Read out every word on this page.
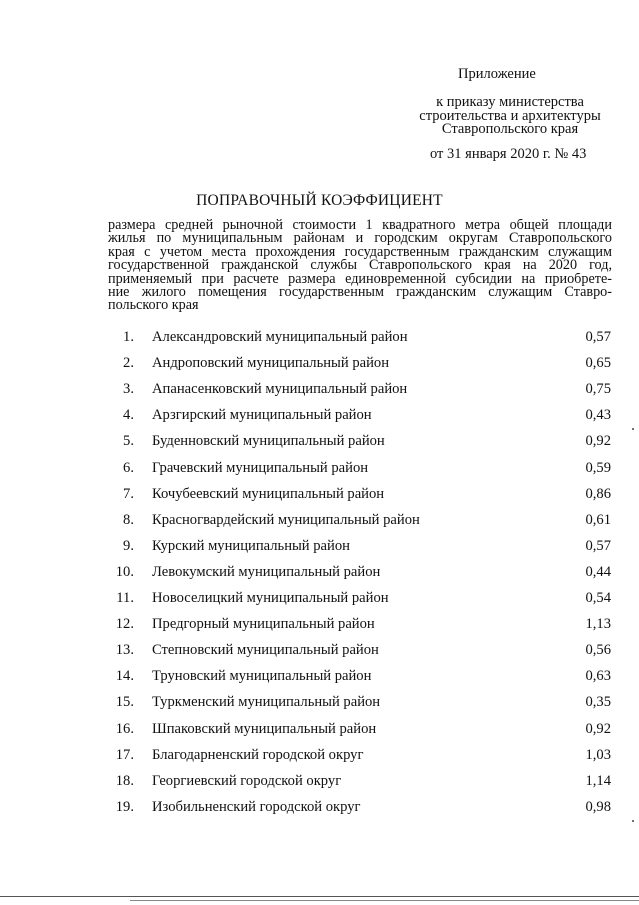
Приложение
к приказу министерства
строительства и архитектуры
Ставропольского края
от 31 января 2020 г. № 43
ПОПРАВОЧНЫЙ КОЭФФИЦИЕНТ
размера средней рыночной стоимости 1 квадратного метра общей площади
жилья по муниципальным районам и городским округам Ставропольского
края с учетом места прохождения государственным гражданским служащим
государственной гражданской службы Ставропольского края на 2020 год,
применяемый при расчете размера единовременной субсидии на приобрете-
ние жилого помещения государственным гражданским служащим Ставро-
польского края
1. Александровский муниципальный район	0,57
2. Андроповский муниципальный район	0,65
3. Апанасенковский муниципальный район	0,75
4. Арзгирский муниципальный район	0,43
5. Буденновский муниципальный район	0,92
6. Грачевский муниципальный район	0,59
7. Кочубеевский муниципальный район	0,86
8. Красногвардейский муниципальный район	0,61
9. Курский муниципальный район	0,57
10. Левокумский муниципальный район	0,44
11. Новоселицкий муниципальный район	0,54
12. Предгорный муниципальный район	1,13
13. Степновский муниципальный район	0,56
14. Труновский муниципальный район	0,63
15. Туркменский муниципальный район	0,35
16. Шпаковский муниципальный район	0,92
17. Благодарненский городской округ	1,03
18. Георгиевский городской округ	1,14
19. Изобильненский городской округ	0,98
